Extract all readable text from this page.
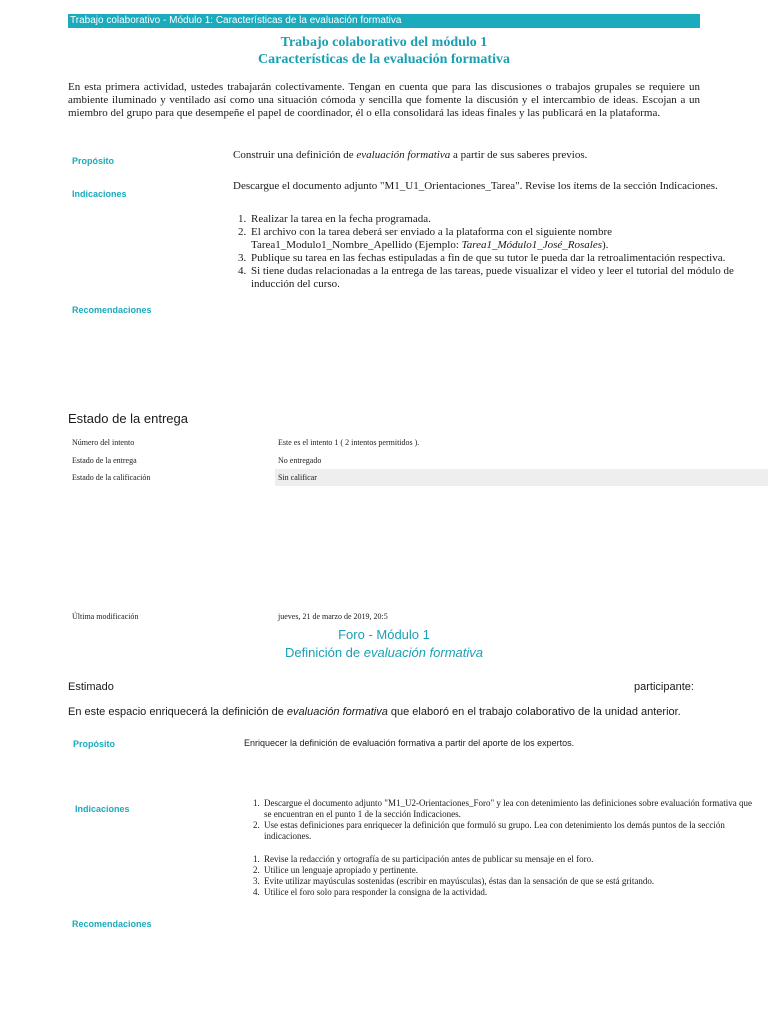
Trabajo colaborativo - Módulo 1: Características de la evaluación formativa
Trabajo colaborativo del módulo 1
Características de la evaluación formativa
En esta primera actividad, ustedes trabajarán colectivamente. Tengan en cuenta que para las discusiones o trabajos grupales se requiere un ambiente iluminado y ventilado así como una situación cómoda y sencilla que fomente la discusión y el intercambio de ideas. Escojan a un miembro del grupo para que desempeñe el papel de coordinador, él o ella consolidará las ideas finales y las publicará en la plataforma.
Propósito	Construir una definición de evaluación formativa a partir de sus saberes previos.
Indicaciones
Descargue el documento adjunto "M1_U1_Orientaciones_Tarea". Revise los ítems de la sección Indicaciones.
1. Realizar la tarea en la fecha programada.
2. El archivo con la tarea deberá ser enviado a la plataforma con el siguiente nombre Tarea1_Modulo1_Nombre_Apellido (Ejemplo: Tarea1_Módulo1_José_Rosales).
3. Publique su tarea en las fechas estipuladas a fin de que su tutor le pueda dar la retroalimentación respectiva.
4. Si tiene dudas relacionadas a la entrega de las tareas, puede visualizar el video y leer el tutorial del módulo de inducción del curso.
Recomendaciones
Estado de la entrega
Número del intento	Este es el intento 1 ( 2 intentos permitidos ).
Estado de la entrega	No entregado
Estado de la calificación	Sin calificar
Última modificación	jueves, 21 de marzo de 2019, 20:5
Foro - Módulo 1
Definición de evaluación formativa
Estimado	participante:
En este espacio enriquecerá la definición de evaluación formativa que elaboró en el trabajo colaborativo de la unidad anterior.
Propósito	Enriquecer la definición de evaluación formativa a partir del aporte de los expertos.
Indicaciones
1. Descargue el documento adjunto "M1_U2-Orientaciones_Foro" y lea con detenimiento las definiciones sobre evaluación formativa que se encuentran en el punto 1 de la sección Indicaciones.
2. Use estas definiciones para enriquecer la definición que formuló su grupo. Lea con detenimiento los demás puntos de la sección indicaciones.
1. Revise la redacción y ortografía de su participación antes de publicar su mensaje en el foro.
2. Utilice un lenguaje apropiado y pertinente.
3. Evite utilizar mayúsculas sostenidas (escribir en mayúsculas), éstas dan la sensación de que se está gritando.
4. Utilice el foro solo para responder la consigna de la actividad.
Recomendaciones
